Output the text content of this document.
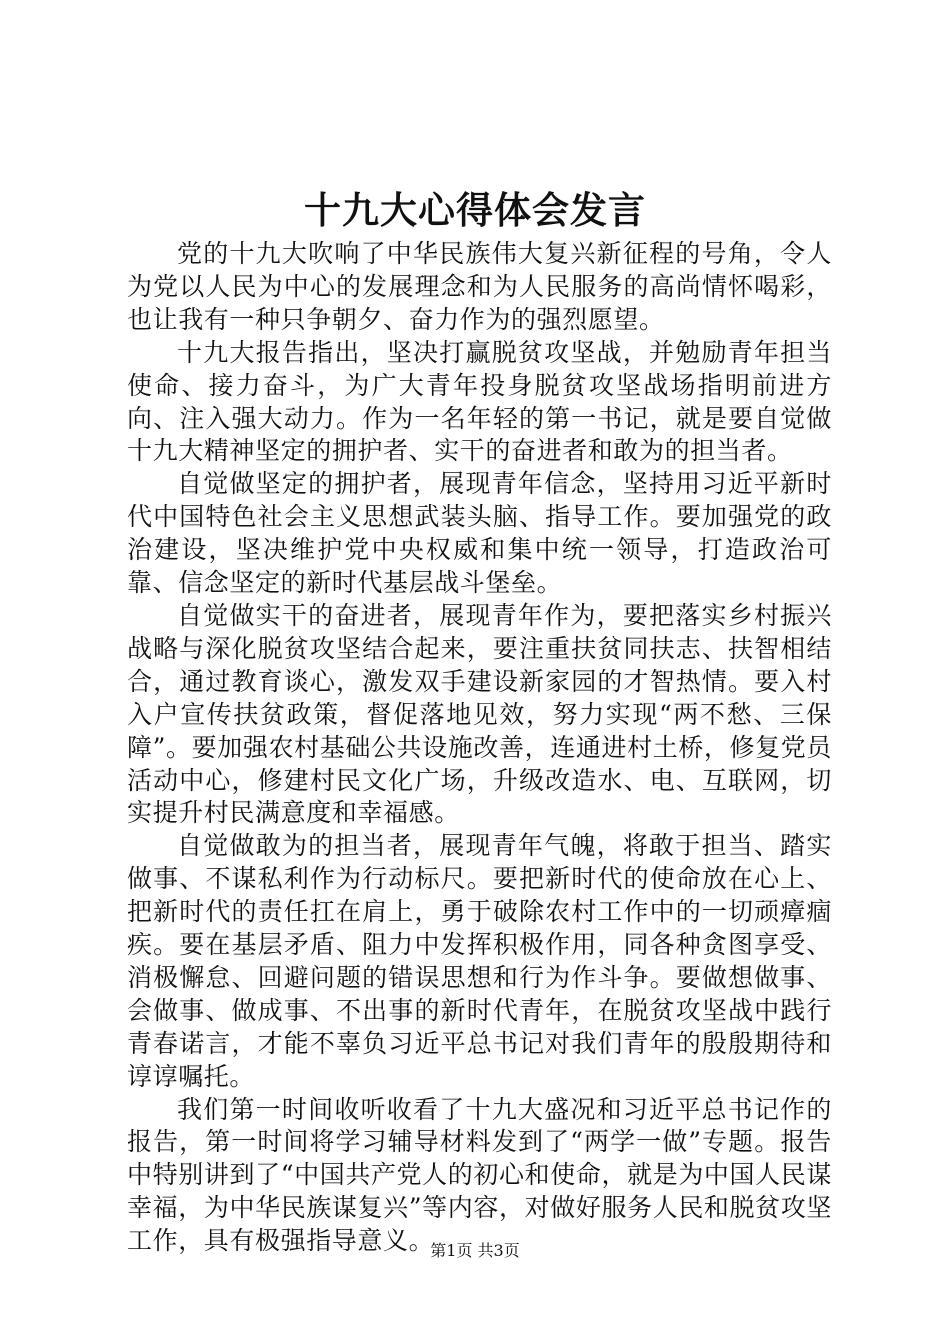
十九大心得体会发言

党的十九大吹响了中华民族伟大复兴新征程的号角，令人为党以人民为中心的发展理念和为人民服务的高尚情怀喝彩，也让我有一种只争朝夕、奋力作为的强烈愿望。

十九大报告指出，坚决打赢脱贫攻坚战，并勉励青年担当使命、接力奋斗，为广大青年投身脱贫攻坚战场指明前进方向、注入强大动力。作为一名年轻的第一书记，就是要自觉做十九大精神坚定的拥护者、实干的奋进者和敢为的担当者。

自觉做坚定的拥护者，展现青年信念，坚持用习近平新时代中国特色社会主义思想武装头脑、指导工作。要加强党的政治建设，坚决维护党中央权威和集中统一领导，打造政治可靠、信念坚定的新时代基层战斗堡垒。

自觉做实干的奋进者，展现青年作为，要把落实乡村振兴战略与深化脱贫攻坚结合起来，要注重扶贫同扶志、扶智相结合，通过教育谈心，激发双手建设新家园的才智热情。要入村入户宣传扶贫政策，督促落地见效，努力实现“两不愁、三保障”。要加强农村基础公共设施改善，连通进村土桥，修复党员活动中心，修建村民文化广场，升级改造水、电、互联网，切实提升村民满意度和幸福感。

自觉做敢为的担当者，展现青年气魄，将敢于担当、踏实做事、不谋私利作为行动标尺。要把新时代的使命放在心上、把新时代的责任扛在肩上，勇于破除农村工作中的一切顽瘴痼疾。要在基层矛盾、阻力中发挥积极作用，同各种贪图享受、消极懈怠、回避问题的错误思想和行为作斗争。要做想做事、会做事、做成事、不出事的新时代青年，在脱贫攻坚战中践行青春诺言，才能不辜负习近平总书记对我们青年的殷殷期待和谆谆嘱托。

我们第一时间收听收看了十九大盛况和习近平总书记作的报告，第一时间将学习辅导材料发到了“两学一做”专题。报告中特别讲到了“中国共产党人的初心和使命，就是为中国人民谋幸福，为中华民族谋复兴”等内容，对做好服务人民和脱贫攻坚工作，具有极强指导意义。

第1页 共3页
